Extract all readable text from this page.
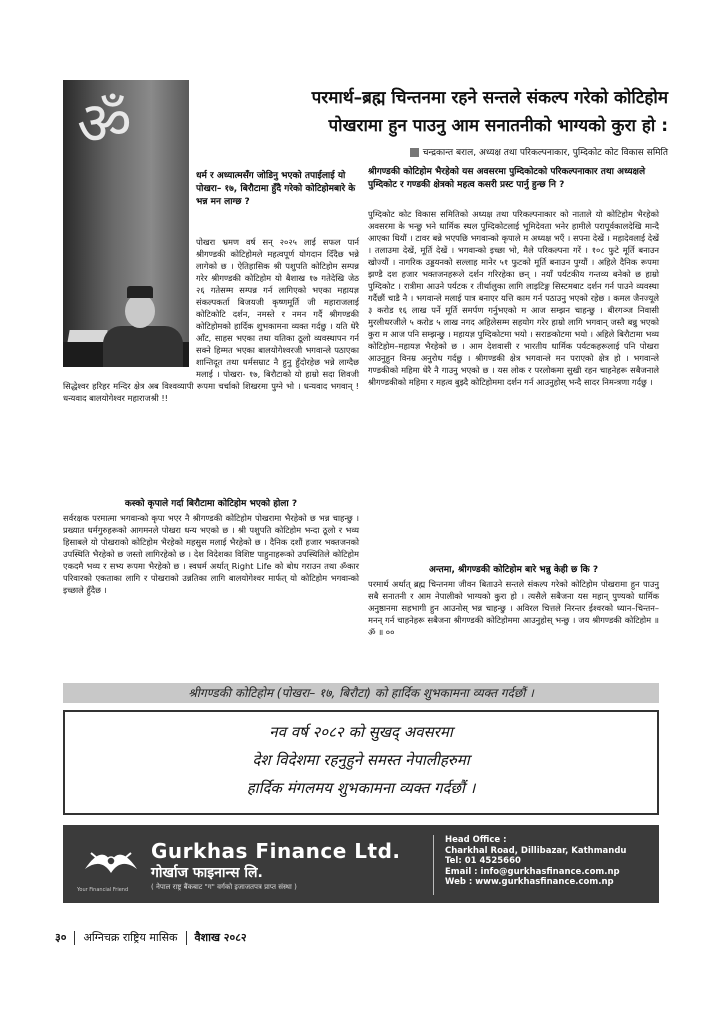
ॐ	परमार्थ–ब्रह्म चिन्तनमा रहने सन्तले संकल्प गरेको कोटिहोम
पोखरामा हुन पाउनु आम सनातनीको भाग्यको कुरा हो :
चन्द्रकान्त बराल, अध्यक्ष तथा परिकल्पनाकार, पुम्दिकोट कोट विकास समिति
धर्म र अध्यात्मसँग जोडिनु भएको तपाईलाई यो पोखरा– १७, बिरौटामा हुँदै गरेको कोटिहोमबारे के भन्न मन लाग्छ ?
पोखरा भ्रमण वर्ष सन् २०२५ लाई सफल पार्न श्रीगण्डकी कोटिहोमले महत्वपूर्ण योगदान दिँदैछ भन्ने लागेको छ । ऐतिहासिक श्री पशुपति कोटिहोम सम्पन्न गरेर श्रीगण्डकी कोटिहोम यो बैशाख १७ गतेदेखि जेठ २६ गतेसम्म सम्पन्न गर्न लागिएको भएका महायज्ञ संकल्पकर्ता बिजयजी कृष्णमूर्ति जी महाराजलाई कोटिकोटि दर्शन, नमस्ते र नमन गर्दै श्रीगण्डकी कोटिहोमको हार्दिक शुभकामना व्यक्त गर्दछु । यति धेरै आँट, साहस भएका तथा यतिका ठूलो व्यवस्थापन गर्न सक्ने हिम्मत भएका बालयोगेश्वरजी भगवान्ले पठाएका शान्तिदूत तथा धर्मसम्राट नै हुनु हुँदोरहेछ भन्ने लाग्दैछ मलाई । पोखरा- १७, बिरौटाको यो हाम्रो सदा शिवजी सिद्धेश्वर हरिहर मन्दिर क्षेत्र अब विश्वव्यापी रूपमा चर्चाको शिखरमा पुग्ने भो । धन्यवाद भगवान् ! धन्यवाद बालयोगेश्वर महाराजश्री !!
कस्को कृपाले गर्दा बिरौटामा कोटिहोम भएको होला ?
सर्वरक्षक परमात्मा भगवान्को कृपा भएर नै श्रीगण्डकी कोटिहोम पोखरामा भैरहेको छ भन्न चाहन्छु । प्रख्यात धर्मगुरुहरूको आगमनले पोखरा धन्य भएको छ । श्री पशुपति कोटिहोम भन्दा ठूलो र भव्य हिसाबले यो पोखराको कोटिहोम भैरहेको महसुस मलाई भैरहेको छ । दैनिक दशौं हजार भक्तजनको उपस्थिति भैरहेको छ जस्तो लागिरहेको छ । देश विदेशका विशिष्ट पाहुनाहरूको उपस्थितिले कोटिहोम एकदमै भव्य र सभ्य रूपमा भैरहेको छ । स्वधर्म अर्थात् Right Life को बोध गराउन तथा ॐकार परिवारको एकताका लागि र पोखराको उन्नतिका लागि बालयोगेश्वर मार्फत् यो कोटिहोम भगवान्को इच्छाले हुँदैछ ।
श्रीगण्डकी कोटिहोम भैरहेको यस अवसरमा पुम्दिकोटको परिकल्पनाकार तथा अध्यक्षले पुम्दिकोट र गण्डकी क्षेत्रको महत्व कसरी प्रस्ट पार्नु हुन्छ नि ?
पुम्दिकोट कोट विकास समितिको अध्यक्ष तथा परिकल्पनाकार को नाताले यो कोटिहोम भैरहेको अवसरमा के भन्छु भने धार्मिक स्थल पुम्दिकोटलाई भूमिदेवता भनेर हामीले परापूर्वकालदेखि मान्दै आएका थियौं । टावर बन्ने भएपछि भगवान्को कृपाले म अध्यक्ष भएँ । सपना देखें । महादेवलाई देखें । तलाउमा देखें, मूर्ति देखें । भगवान्को इच्छा भो, मैले परिकल्पना गरें । १०८ फुटे मूर्ति बनाउन खोज्यौं । नागरिक उड्डयनको सल्लाह मानेर ५१ फुटको मूर्ति बनाउन पुग्यौं । अहिले दैनिक रूपमा झण्डै दश हजार भक्तजनहरूले दर्शन गरिरहेका छन् । नयाँ पर्यटकीय गन्तव्य बनेको छ हाम्रो पुम्दिकोट । रात्रीमा आउने पर्यटक र तीर्थालुका लागि लाइटिङ्ग सिस्टमबाट दर्शन गर्न पाउने व्यवस्था गर्दैछौं चाडै नै । भगवान्ले मलाई पात्र बनाएर यत्ति काम गर्न पठाउनु भएको रहेछ । कमल जैनज्यूले ३ करोड १६ लाख पर्ने मूर्ति समर्पण गर्नुभएको म आज सम्झन चाहन्छु । बीरगञ्ज निवासी मुरलीधरजीले ५ करोड ५ लाख नगद अहिलेसम्म सहयोग गरेर हाम्रो लागि भगवान् जस्तै बन्नु भएको कुरा म आज पनि सम्झन्छु । महायज्ञ पुम्दिकोटमा भयो । सराङकोटमा भयो । अहिले बिरौटामा भव्य कोटिहोम–महायज्ञ भैरहेको छ । आम देशवासी र भारतीय धार्मिक पर्यटकहरूलाई पनि पोखरा आउनुहुन विनम्र अनुरोध गर्दछु । श्रीगण्डकी क्षेत्र भगवान्ले मन पराएको क्षेत्र हो । भगवान्ले गण्डकीको महिमा धेरै नै गाउनु भएको छ । यस लोक र परलोकमा सुखी रहन चाहनेहरू सबैजनाले श्रीगण्डकीको महिमा र महत्व बुझ्दै कोटिहोममा दर्शन गर्न आउनुहोस् भन्दै सादर निमन्त्रणा गर्दछु ।
अन्तमा, श्रीगण्डकी कोटिहोम बारे भन्नु केही छ कि ?
परमार्थ अर्थात् ब्रह्म चिन्तनमा जीवन बिताउने सन्तले संकल्प गरेको कोटिहोम पोखरामा हुन पाउनु सबै सनातनी र आम नेपालीको भाग्यको कुरा हो । त्यसैले सबैजना यस महान् पुण्यको धार्मिक अनुष्ठानमा सहभागी हुन आउनोस् भन्न चाहन्छु । अविरल चित्तले निरन्तर ईश्वरको ध्यान–चिन्तन–मनन् गर्न चाहनेहरू सबैजना श्रीगण्डकी कोटिहोममा आउनुहोस् भन्छु । जय श्रीगण्डकी कोटिहोम ॥ ॐ ॥ ००
श्रीगण्डकी कोटिहोम (पोखरा– १७, बिरौटा) को हार्दिक शुभकामना व्यक्त गर्दछौं ।
नव वर्ष २०८२ को सुखद् अवसरमा
देश विदेशमा रहनुहुने समस्त नेपालीहरुमा
हार्दिक मंगलमय शुभकामना व्यक्त गर्दछौं ।
Your Financial Friend
Gurkhas Finance Ltd.
गोर्खाज फाइनान्स लि.
( नेपाल राष्ट्र बैंकबाट "ग" वर्गको इजाजतपत्र प्राप्त संस्था )
Head Office :
Charkhal Road, Dillibazar, Kathmandu
Tel: 01 4525660
Email : info@gurkhasfinance.com.np
Web : www.gurkhasfinance.com.np
३० अग्निचक्र राष्ट्रिय मासिक वैशाख २०८२
